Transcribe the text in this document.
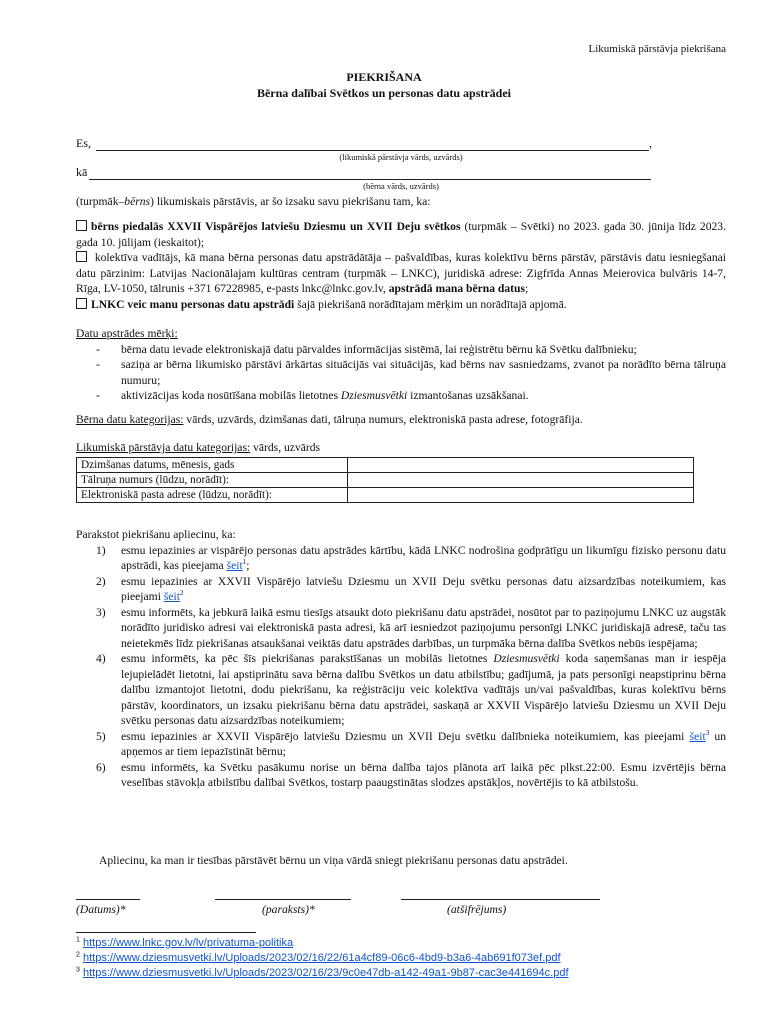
Likumiskā pārstāvja piekrišana
PIEKRIŠANA
Bērna dalībai Svētkos un personas datu apstrādei
Es,	,
(likumiskā pārstāvja vārds, uzvārds)
kā
(bērna vārds, uzvārds)
(turpmāk–bērns) likumiskais pārstāvis, ar šo izsaku savu piekrišanu tam, ka:
bērns piedalās XXVII Vispārējos latviešu Dziesmu un XVII Deju svētkos (turpmāk – Svētki) no 2023. gada 30. jūnija līdz 2023. gada 10. jūlijam (ieskaitot);
kolektīva vadītājs, kā mana bērna personas datu apstrādātāja – pašvaldības, kuras kolektīvu bērns pārstāv, pārstāvis datu iesniegšanai datu pārzinim: Latvijas Nacionālajam kultūras centram (turpmāk – LNKC), juridiskā adrese: Zigfrīda Annas Meierovica bulvāris 14-7, Rīga, LV-1050, tālrunis +371 67228985, e-pasts lnkc@lnkc.gov.lv, apstrādā mana bērna datus;
LNKC veic manu personas datu apstrādi šajā piekrišanā norādītajam mērķim un norādītajā apjomā.
Datu apstrādes mērķi:
- bērna datu ievade elektroniskajā datu pārvaldes informācijas sistēmā, lai reģistrētu bērnu kā Svētku dalībnieku;
- saziņa ar bērna likumisko pārstāvi ārkārtas situācijās vai situācijās, kad bērns nav sasniedzams, zvanot pa norādīto bērna tālruņa numuru;
- aktivizācijas koda nosūtīšana mobilās lietotnes Dziesmusvētki izmantošanas uzsākšanai.
Bērna datu kategorijas: vārds, uzvārds, dzimšanas dati, tālruņa numurs, elektroniskā pasta adrese, fotogrāfija.
Likumiskā pārstāvja datu kategorijas: vārds, uzvārds
Dzimšanas datums, mēnesis, gads	
Tālruņa numurs (lūdzu, norādīt):	
Elektroniskā pasta adrese (lūdzu, norādīt):	
Parakstot piekrišanu apliecinu, ka:
1) esmu iepazinies ar vispārējo personas datu apstrādes kārtību, kādā LNKC nodrošina godprātīgu un likumīgu fizisko personu datu apstrādi, kas pieejama šeit$^1$;
2) esmu iepazinies ar XXVII Vispārējo latviešu Dziesmu un XVII Deju svētku personas datu aizsardzības noteikumiem, kas pieejami šeit$^2$
3) esmu informēts, ka jebkurā laikā esmu tiesīgs atsaukt doto piekrišanu datu apstrādei, nosūtot par to paziņojumu LNKC uz augstāk norādīto juridisko adresi vai elektroniskā pasta adresi, kā arī iesniedzot paziņojumu personīgi LNKC juridiskajā adresē, taču tas neietekmēs līdz piekrišanas atsaukšanai veiktās datu apstrādes darbības, un turpmāka bērna dalība Svētkos nebūs iespējama;
4) esmu informēts, ka pēc šīs piekrišanas parakstīšanas un mobilās lietotnes Dziesmusvētki koda saņemšanas man ir iespēja lejupielādēt lietotni, lai apstiprinātu sava bērna dalību Svētkos un datu atbilstību; gadījumā, ja pats personīgi neapstiprinu bērna dalību izmantojot lietotni, dodu piekrišanu, ka reģistrāciju veic kolektīva vadītājs un/vai pašvaldības, kuras kolektīvu bērns pārstāv, koordinators, un izsaku piekrišanu bērna datu apstrādei, saskaņā ar XXVII Vispārējo latviešu Dziesmu un XVII Deju svētku personas datu aizsardzības noteikumiem;
5) esmu iepazinies ar XXVII Vispārējo latviešu Dziesmu un XVII Deju svētku dalībnieka noteikumiem, kas pieejami šeit$^3$ un apņemos ar tiem iepazīstināt bērnu;
6) esmu informēts, ka Svētku pasākumu norise un bērna dalība tajos plānota arī laikā pēc plkst.22:00. Esmu izvērtējis bērna veselības stāvokļa atbilstību dalībai Svētkos, tostarp paaugstinātas slodzes apstākļos, novērtējis to kā atbilstošu.
Apliecinu, ka man ir tiesības pārstāvēt bērnu un viņa vārdā sniegt piekrišanu personas datu apstrādei.
(Datums)*	(paraksts)*	(atšifrējums)
$^1$ https://www.lnkc.gov.lv/lv/privatuma-politika
$^2$ https://www.dziesmusvetki.lv/Uploads/2023/02/16/22/61a4cf89-06c6-4bd9-b3a6-4ab691f073ef.pdf
$^3$ https://www.dziesmusvetki.lv/Uploads/2023/02/16/23/9c0e47db-a142-49a1-9b87-cac3e441694c.pdf
